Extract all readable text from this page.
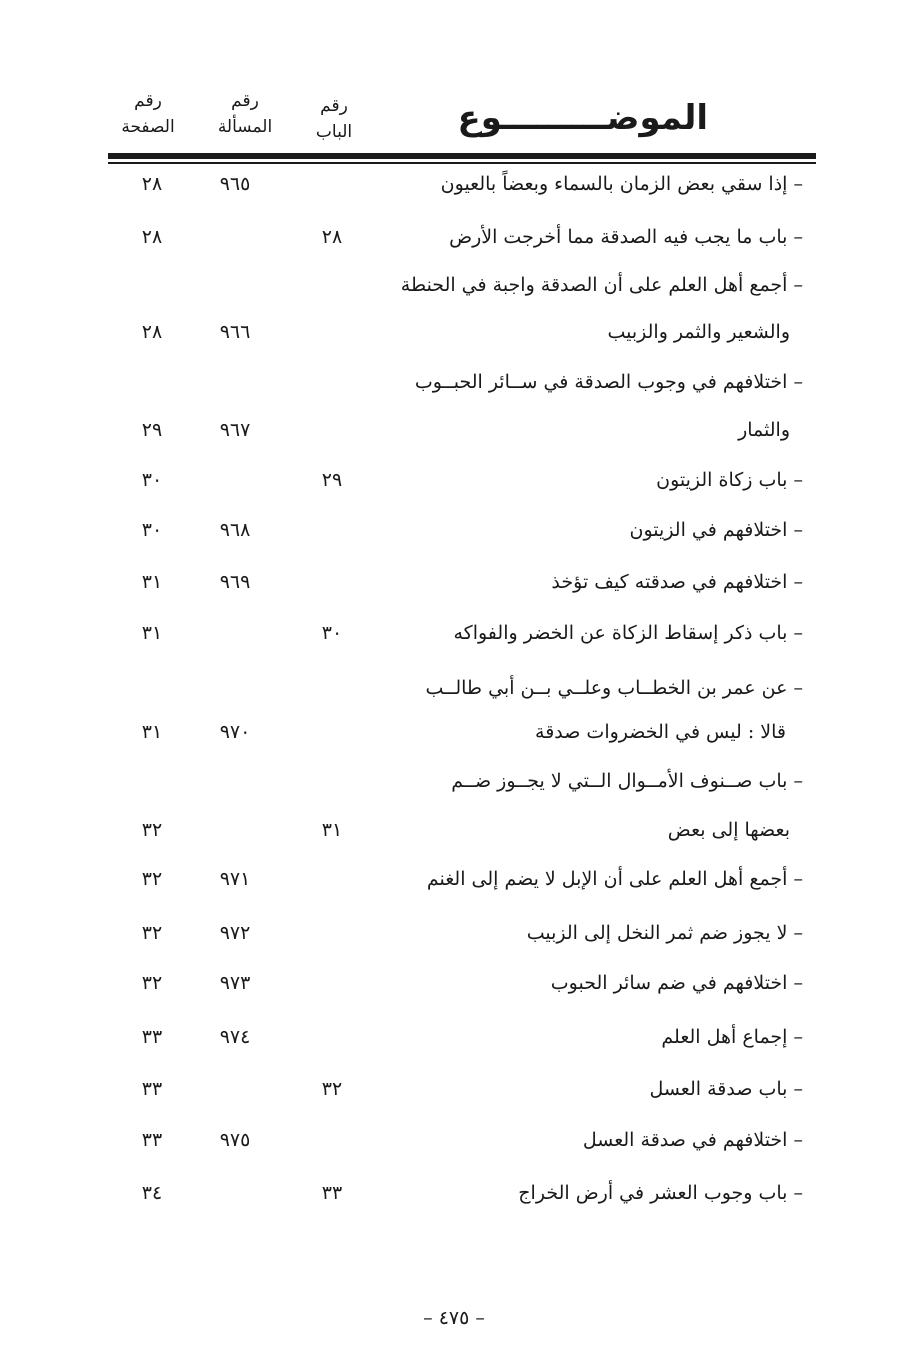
الموضـــــــــوع
رقم
الباب
رقم
المسألة
رقم
الصفحة
– إذا سقي بعض الزمان بالسماء وبعضاً بالعيون
٩٦٥
٢٨
– باب ما يجب فيه الصدقة مما أخرجت الأرض
٢٨
٢٨
– أجمع أهل العلم على أن الصدقة واجبة في الحنطة
والشعير والثمر والزبيب
٩٦٦
٢٨
– اختلافهم في وجوب الصدقة في ســائر الحبــوب
والثمار
٩٦٧
٢٩
– باب زكاة الزيتون
٢٩
٣٠
– اختلافهم في الزيتون
٩٦٨
٣٠
– اختلافهم في صدقته كيف تؤخذ
٩٦٩
٣١
– باب ذكر إسقاط الزكاة عن الخضر والفواكه
٣٠
٣١
– عن عمر بن الخطــاب وعلــي بــن أبي طالــب
قالا : ليس في الخضروات صدقة
٩٧٠
٣١
– باب صــنوف الأمــوال الــتي لا يجــوز ضــم
بعضها إلى بعض
٣١
٣٢
– أجمع أهل العلم على أن الإبل لا يضم إلى الغنم
٩٧١
٣٢
– لا يجوز ضم ثمر النخل إلى الزبيب
٩٧٢
٣٢
– اختلافهم في ضم سائر الحبوب
٩٧٣
٣٢
– إجماع أهل العلم
٩٧٤
٣٣
– باب صدقة العسل
٣٢
٣٣
– اختلافهم في صدقة العسل
٩٧٥
٣٣
– باب وجوب العشر في أرض الخراج
٣٣
٣٤
– ٤٧٥ –
